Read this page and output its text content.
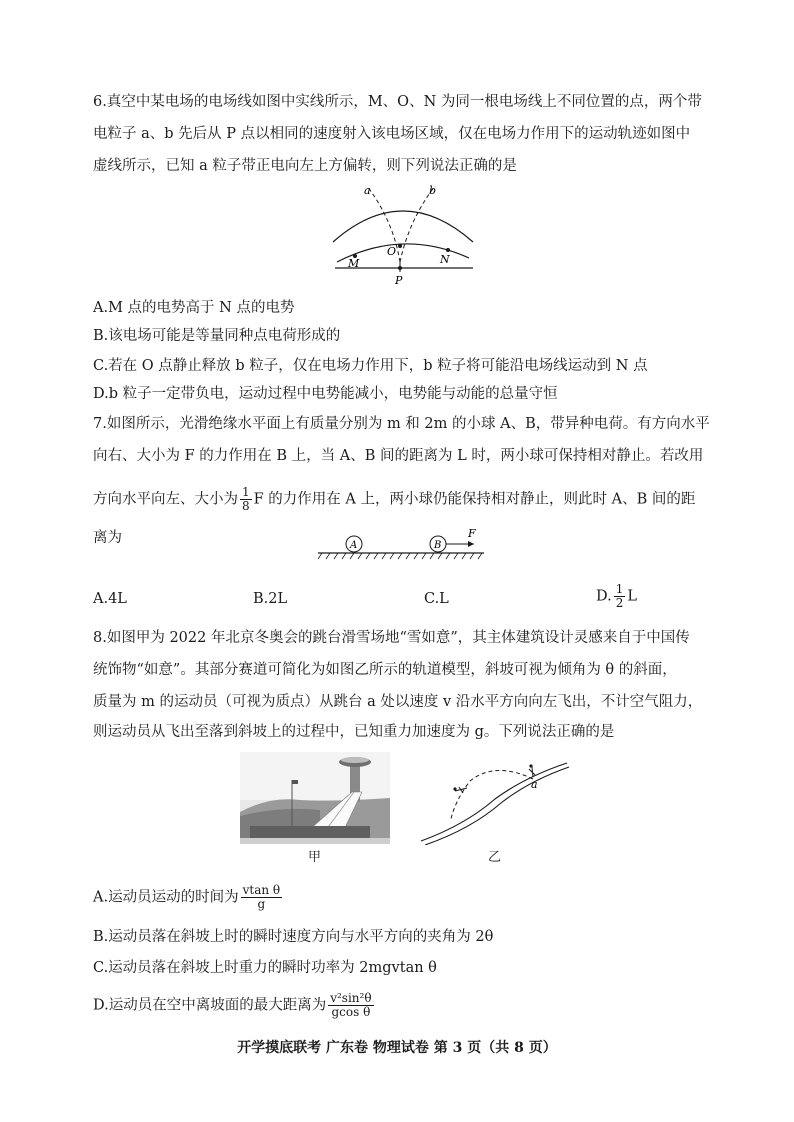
6.真空中某电场的电场线如图中实线所示，M、O、N 为同一根电场线上不同位置的点，两个带
电粒子 a、b 先后从 P 点以相同的速度射入该电场区域，仅在电场力作用下的运动轨迹如图中
虚线所示，已知 a 粒子带正电向左上方偏转，则下列说法正确的是
a	b
O
M	N
P
A.M 点的电势高于 N 点的电势
B.该电场可能是等量同种点电荷形成的
C.若在 O 点静止释放 b 粒子，仅在电场力作用下，b 粒子将可能沿电场线运动到 N 点
D.b 粒子一定带负电，运动过程中电势能减小，电势能与动能的总量守恒
7.如图所示，光滑绝缘水平面上有质量分别为 m 和 2m 的小球 A、B，带异种电荷。有方向水平
向右、大小为 F 的力作用在 B 上，当 A、B 间的距离为 L 时，两小球可保持相对静止。若改用
方向水平向左、大小为 $\frac{1}{8}$ F 的力作用在 A 上，两小球仍能保持相对静止，则此时 A、B 间的距
离为	A	B
F
A.4L	B.2L	C.L	D. $\frac{1}{2}$ L
8.如图甲为 2022 年北京冬奥会的跳台滑雪场地“雪如意”，其主体建筑设计灵感来自于中国传
统饰物“如意”。其部分赛道可简化为如图乙所示的轨道模型，斜坡可视为倾角为 θ 的斜面，
质量为 m 的运动员（可视为质点）从跳台 a 处以速度 v 沿水平方向向左飞出，不计空气阻力，
则运动员从飞出至落到斜坡上的过程中，已知重力加速度为 g。下列说法正确的是
甲
a
乙
A.运动员运动的时间为 $\frac{\text{vtan θ}}{g}$
B.运动员落在斜坡上时的瞬时速度方向与水平方向的夹角为 2θ
C.运动员落在斜坡上时重力的瞬时功率为 2mgvtan θ
D.运动员在空中离坡面的最大距离为 $\frac{\text{v²sin²θ}}{\text{gcos θ}}$
开学摸底联考 广东卷 物理试卷 第 3 页（共 8 页）
